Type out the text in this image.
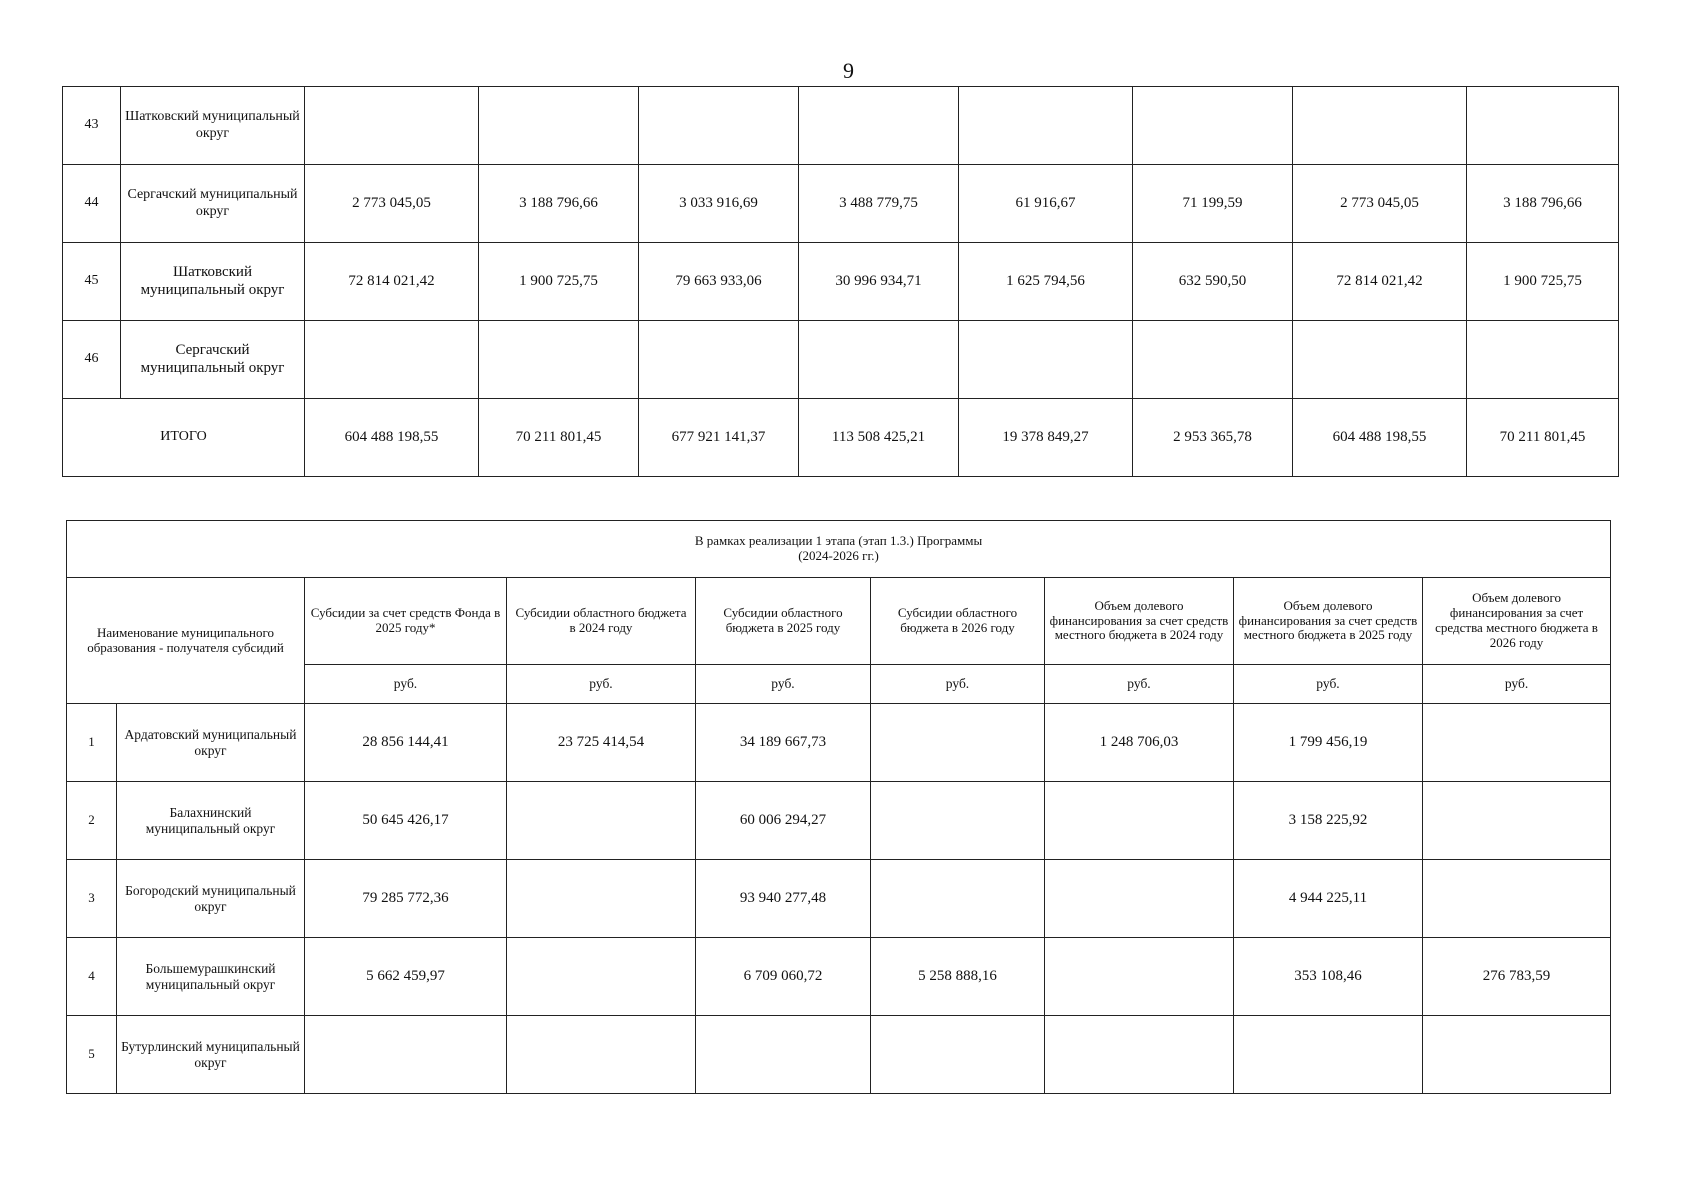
9
43	Шатковский муниципальный округ								
44	Сергачский муниципальный округ	2 773 045,05	3 188 796,66	3 033 916,69	3 488 779,75	61 916,67	71 199,59	2 773 045,05	3 188 796,66
45	Шатковский муниципальный округ	72 814 021,42	1 900 725,75	79 663 933,06	30 996 934,71	1 625 794,56	632 590,50	72 814 021,42	1 900 725,75
46	Сергачский муниципальный округ								
ИТОГО		604 488 198,55	70 211 801,45	677 921 141,37	113 508 425,21	19 378 849,27	2 953 365,78	604 488 198,55	70 211 801,45
В рамках реализации 1 этапа (этап 1.3.) Программы
(2024-2026 гг.)								

Наименование муниципального образования - получателя субсидий		Субсидии за счет средств Фонда в 2025 году*	Субсидии областного бюджета в 2024 году	Субсидии областного бюджета в 2025 году	Субсидии областного бюджета в 2026 году	Объем долевого финансирования за счет средств местного бюджета в 2024 году	Объем долевого финансирования за счет средств местного бюджета в 2025 году	Объем долевого финансирования за счет средства местного бюджета в 2026 году
		руб.	руб.	руб.	руб.	руб.	руб.	руб.
1	Ардатовский муниципальный округ	28 856 144,41	23 725 414,54	34 189 667,73		1 248 706,03	1 799 456,19	
2	Балахнинский муниципальный округ	50 645 426,17		60 006 294,27			3 158 225,92	
3	Богородский муниципальный округ	79 285 772,36		93 940 277,48			4 944 225,11	
4	Большемурашкинский муниципальный округ	5 662 459,97		6 709 060,72	5 258 888,16		353 108,46	276 783,59
5	Бутурлинский муниципальный округ							
